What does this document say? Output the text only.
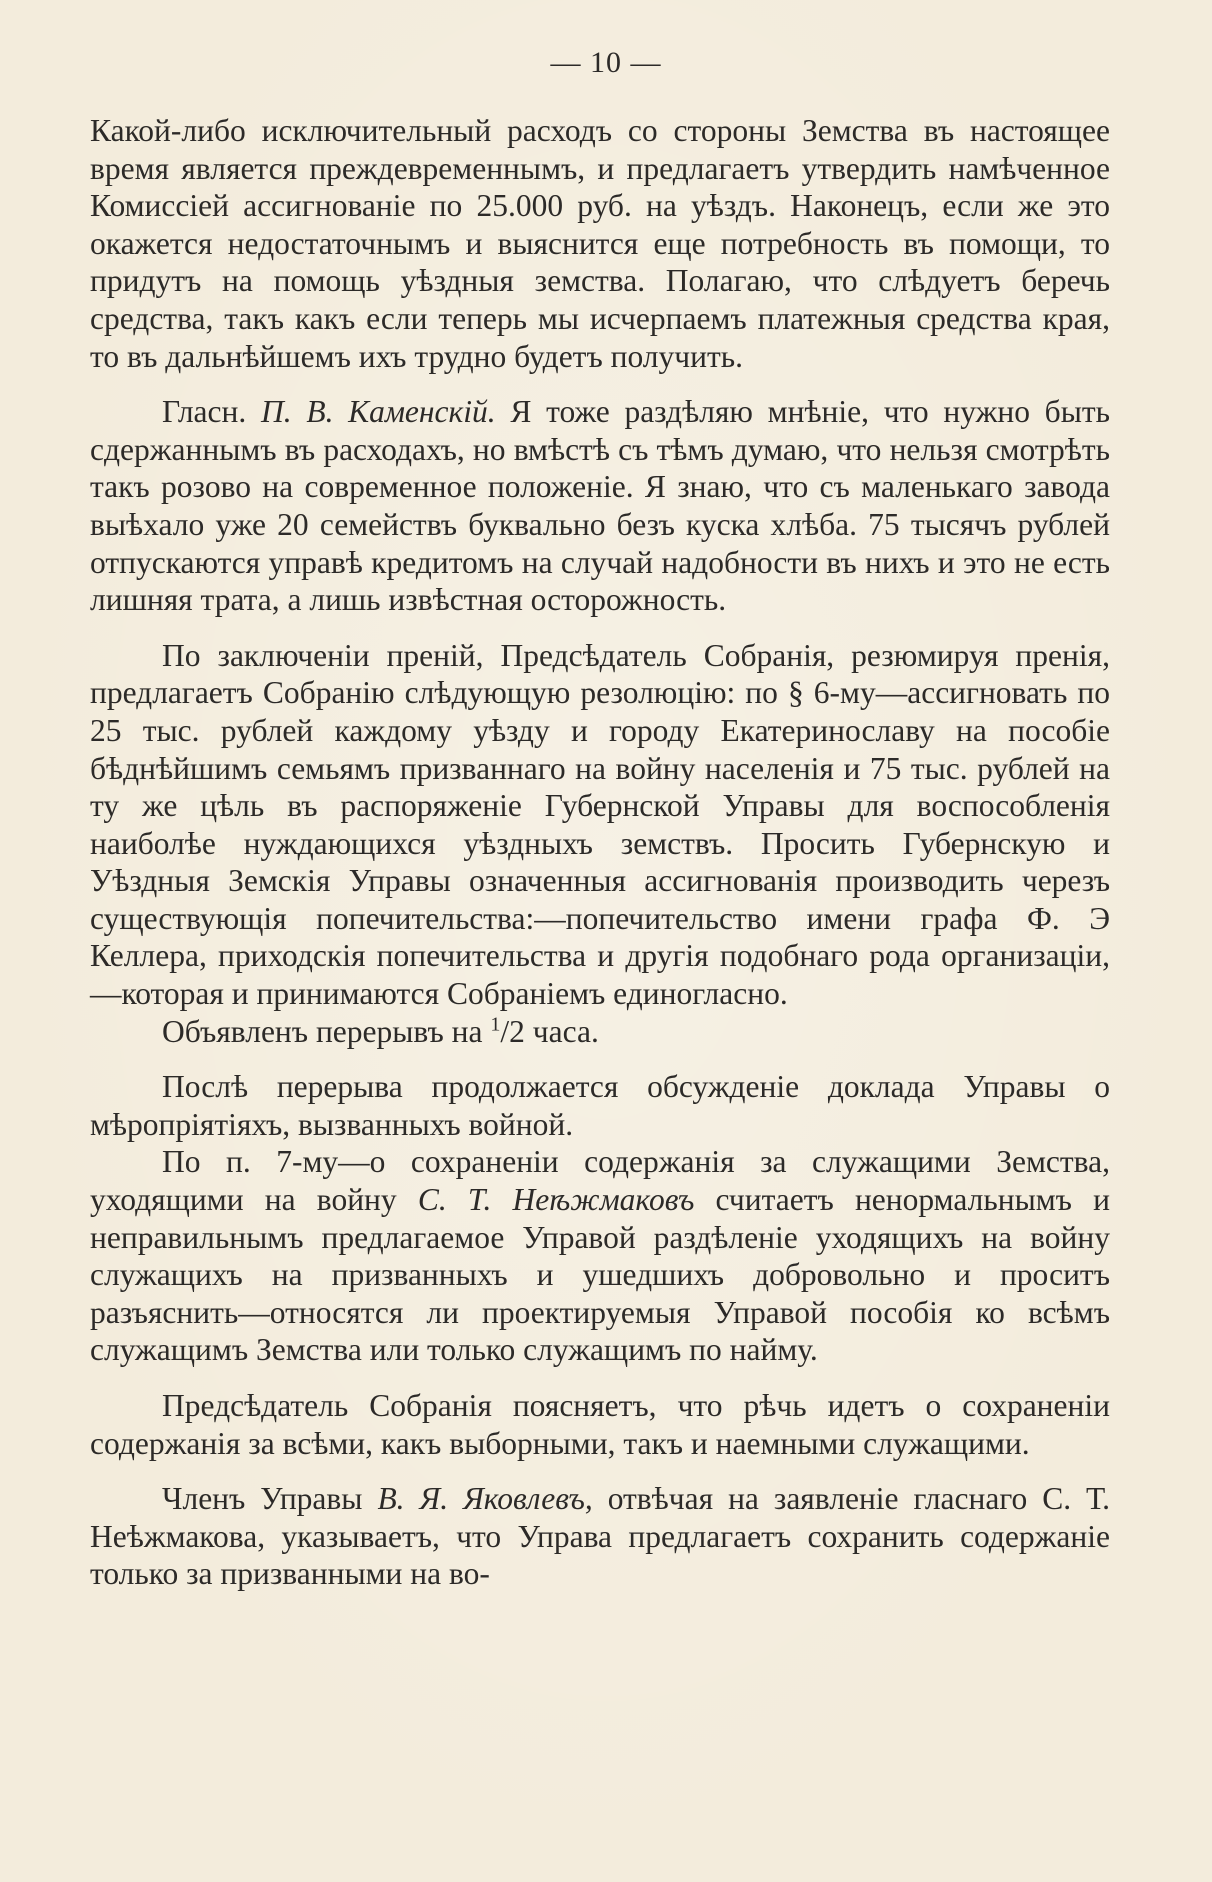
— 10 —

Какой-либо исключительный расходъ со стороны Земства въ настоящее время является преждевременнымъ, и предлагаетъ утвердить намѣченное Комиссіей ассигнованіе по 25.000 руб. на уѣздъ. Наконецъ, если же это окажется недостаточнымъ и выяснится еще потребность въ помощи, то придутъ на помощь уѣздныя земства. Полагаю, что слѣдуетъ беречь средства, такъ какъ если теперь мы исчерпаемъ платежныя средства края, то въ дальнѣйшемъ ихъ трудно будетъ получить.

Гласн. П. В. Каменскій. Я тоже раздѣляю мнѣніе, что нужно быть сдержаннымъ въ расходахъ, но вмѣстѣ съ тѣмъ думаю, что нельзя смотрѣть такъ розово на современное положеніе. Я знаю, что съ маленькаго завода выѣхало уже 20 семействъ буквально безъ куска хлѣба. 75 тысячъ рублей отпускаются управѣ кредитомъ на случай надобности въ нихъ и это не есть лишняя трата, а лишь извѣстная осторожность.

По заключеніи преній, Предсѣдатель Собранія, резюмируя пренія, предлагаетъ Собранію слѣдующую резолюцію: по § 6-му—ассигновать по 25 тыс. рублей каждому уѣзду и городу Екатеринославу на пособіе бѣднѣйшимъ семьямъ призваннаго на войну населенія и 75 тыс. рублей на ту же цѣль въ распоряженіе Губернской Управы для воспособленія наиболѣе нуждающихся уѣздныхъ земствъ. Просить Губернскую и Уѣздныя Земскія Управы означенныя ассигнованія производить черезъ существующія попечительства:—попечительство имени графа Ф. Э Келлера, приходскія попечительства и другія подобнаго рода организаціи,—которая и принимаются Собраніемъ единогласно.

Объявленъ перерывъ на $^1$/2 часа.

Послѣ перерыва продолжается обсужденіе доклада Управы о мѣропріятіяхъ, вызванныхъ войной.

По п. 7-му—о сохраненіи содержанія за служащими Земства, уходящими на войну С. Т. Неѣжмаковъ считаетъ ненормальнымъ и неправильнымъ предлагаемое Управой раздѣленіе уходящихъ на войну служащихъ на призванныхъ и ушедшихъ добровольно и проситъ разъяснить—относятся ли проектируемыя Управой пособія ко всѣмъ служащимъ Земства или только служащимъ по найму.

Предсѣдатель Собранія поясняетъ, что рѣчь идетъ о сохраненіи содержанія за всѣми, какъ выборными, такъ и наемными служащими.

Членъ Управы В. Я. Яковлевъ, отвѣчая на заявленіе гласнаго С. Т. Неѣжмакова, указываетъ, что Управа предлагаетъ сохранить содержаніе только за призванными на во-
